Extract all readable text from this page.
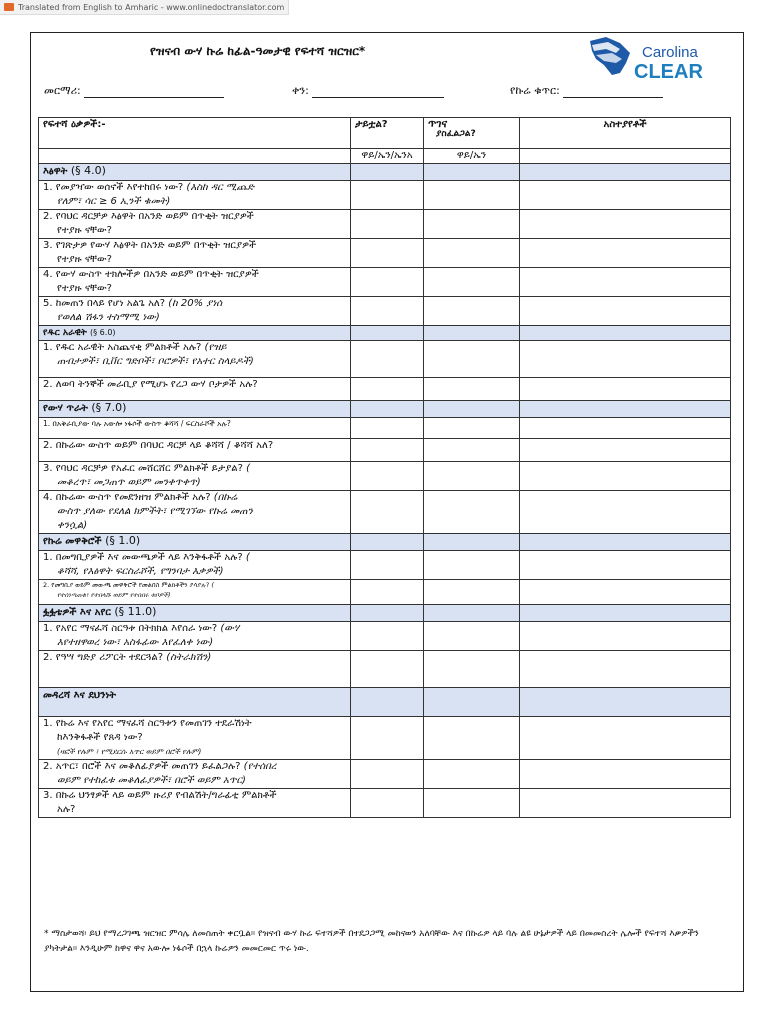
Translated from English to Amharic - www.onlinedoctranslator.com
የዝናብ ውሃ ኩሬ ከፊል-ዓመታዊ የፍተሻ ዝርዝር*	Carolina
CLEAR
መርማሪ:	ቀን:	የኩሬ ቁጥር:
የፍተሻ ዕቃዎች:-	ታይቷል?	ጥገና
ያስፈልጋል?	አስተያየቶች
	ዋይ/ኤን/ኤንአ	ዋይ/ኤን	
እፅዋት (§ 4.0)			
1. የመያዣው ወሰኖች እየተከበሩ ነው? (እስከ ዳር ሚጨድ
የለም፣ ሳር ≥ 6 ኢንች ቁመት)			

2. የባህር ዳርቻዎ እፅዋት በአንድ ወይም በጥቂት ዝርያዎች
የተያዙ ናቸው?			

3. የገጽታዎ የውሃ እፅዋት በአንድ ወይም በጥቂት ዝርያዎች
የተያዙ ናቸው?			

4. የውሃ ውስጥ ተክሎችዎ በአንድ ወይም በጥቂት ዝርያዎች
የተያዙ ናቸው?			

5. ከመጠን በላይ የሆነ አልጌ አለ? (ከ 20% ያነሰ
የወለል ሽፋን ተስማሚ ነው)			

የዱር አራዊት (§ 6.0)			
1. የዱር አራዊት አስጨናቂ ምልክቶች አሉ? (የዝይ
ጠብታዎች፣ ቢቨር ግድቦች፣ ቦሮዎች፣ የአተር ስላይዶች)			

2. ለወባ ትንኞች መራቢያ የሚሆኑ የረጋ ውሃ ቦታዎች አሉ?			
የውሃ ጥራት (§ 7.0)			
1. በአቅራቢያው ባሉ አውሎ ነፋሶች ውስጥ ቆሻሻ / ፍርስራሾች አሉ?			
2. በኩሬው ውስጥ ወይም በባህር ዳርቻ ላይ ቆሻሻ / ቆሻሻ አለ?			
3. የባህር ዳርቻዎ የአፈር መሸርሸር ምልክቶች ይታያል? (
መቆረጥ፣ መጋጠጥ ወይም መንቀጥቀጥ)			

4. በኩሬው ውስጥ የመደንዘዝ ምልክቶች አሉ? (በኩሬ
ውስጥ ያለው የደለል ክምችት፣ የሚገኘው የኩሬ መጠን
ቀንሷል)			

የኩሬ መዋቅሮች (§ 1.0)			
1. በመግቢያዎች እና መውጫዎች ላይ እንቅፋቶች አሉ? (
ቆሻሻ, የእፅዋት ፍርስራሾች, የግንባታ እቃዎች)			

2. የመግቢያ ወይም መውጫ መዋቅሮች የመልበስ ምልክቶችን ያሳያሉ? (
የተሰነጣጠቁ፣ የተበላሹ ወይም የተሰበሩ ቱቦዎች)			

ፏፏቴዎች እና አየር (§ 11.0)			
1. የአየር ማናፈሻ ስርዓቱ በትክክል እየሰራ ነው? (ውሃ
እየተዘዋወረ ነው፣ አስፋፊው እየፈለቀ ነው)			

2. የዓሣ ግድያ ሪፖርት ተደርጓል? (ስትራክሽን)			
መዳረሻ እና ደህንነት			
1. የኩሬ እና የአየር ማናፈሻ ስርዓቱን የመጠገን ተደራሽነት
ከእንቅፋቶች የጸዳ ነው?
(ዛፎች የሉም ፣ የሚደርሱ አጥር ወይም በሮች የሉም)			

2. አጥር፣ በሮች እና መቆለፊያዎች መጠገን ይፈልጋሉ? (የተሰበረ
ወይም የተከፈቱ መቆለፊያዎች፣ በሮች ወይም አጥር)			

3. በኩሬ ህንፃዎች ላይ ወይም ዙሪያ የብልሽት/ግራፊቲ ምልክቶች
አሉ?			

* ማስታወሻ፡ ይህ የማረጋገጫ ዝርዝር ምሳሌ ለመስጠት ቀርቧል። የዝናብ ውሃ ኩሬ ፍተሻዎች በተደጋጋሚ መከናወን አለባቸው እና በኩሬዎ ላይ ባሉ ልዩ ሁኔታዎች ላይ በመመስረት ሌሎች የፍተሻ እቃዎችን ያካትታል። እንዲሁም ከዋና ዋና አውሎ ነፋሶች በኋላ ኩሬዎን መመርመር ጥሩ ነው.
